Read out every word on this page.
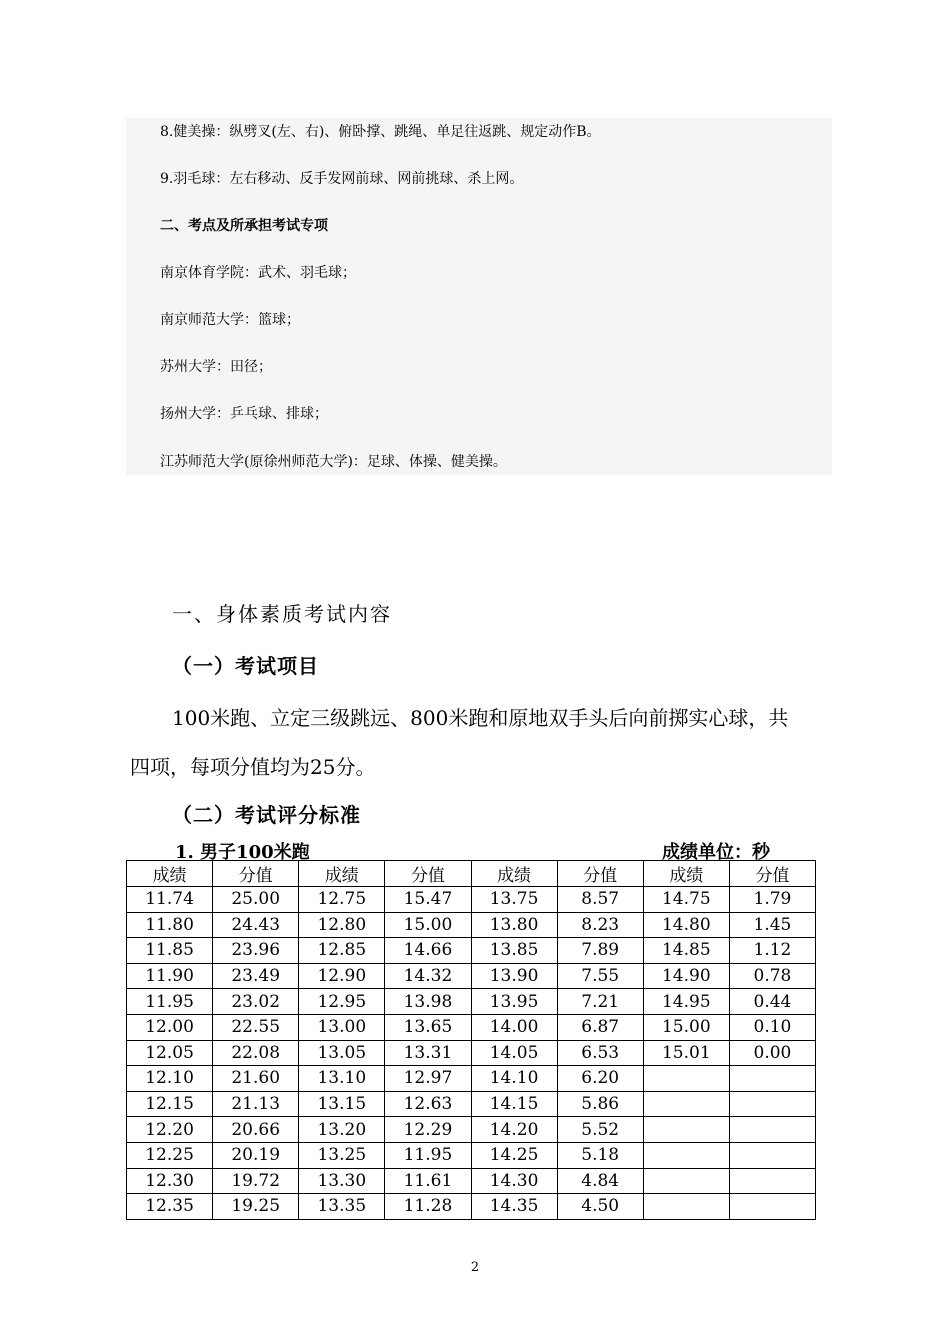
8.健美操：纵劈叉(左、右)、俯卧撑、跳绳、单足往返跳、规定动作B。
9.羽毛球：左右移动、反手发网前球、网前挑球、杀上网。
二、考点及所承担考试专项
南京体育学院：武术、羽毛球；
南京师范大学：篮球；
苏州大学：田径；
扬州大学：乒乓球、排球；
江苏师范大学(原徐州师范大学)：足球、体操、健美操。
一、身体素质考试内容
（一）考试项目
100米跑、立定三级跳远、800米跑和原地双手头后向前掷实心球，共
四项，每项分值均为25分。
（二）考试评分标准
1. 男子100米跑	成绩单位：秒
成绩	分值	成绩	分值	成绩	分值	成绩	分值
11.74	25.00	12.75	15.47	13.75	8.57	14.75	1.79
11.80	24.43	12.80	15.00	13.80	8.23	14.80	1.45
11.85	23.96	12.85	14.66	13.85	7.89	14.85	1.12
11.90	23.49	12.90	14.32	13.90	7.55	14.90	0.78
11.95	23.02	12.95	13.98	13.95	7.21	14.95	0.44
12.00	22.55	13.00	13.65	14.00	6.87	15.00	0.10
12.05	22.08	13.05	13.31	14.05	6.53	15.01	0.00
12.10	21.60	13.10	12.97	14.10	6.20		
12.15	21.13	13.15	12.63	14.15	5.86		
12.20	20.66	13.20	12.29	14.20	5.52		
12.25	20.19	13.25	11.95	14.25	5.18		
12.30	19.72	13.30	11.61	14.30	4.84		
12.35	19.25	13.35	11.28	14.35	4.50		
2
